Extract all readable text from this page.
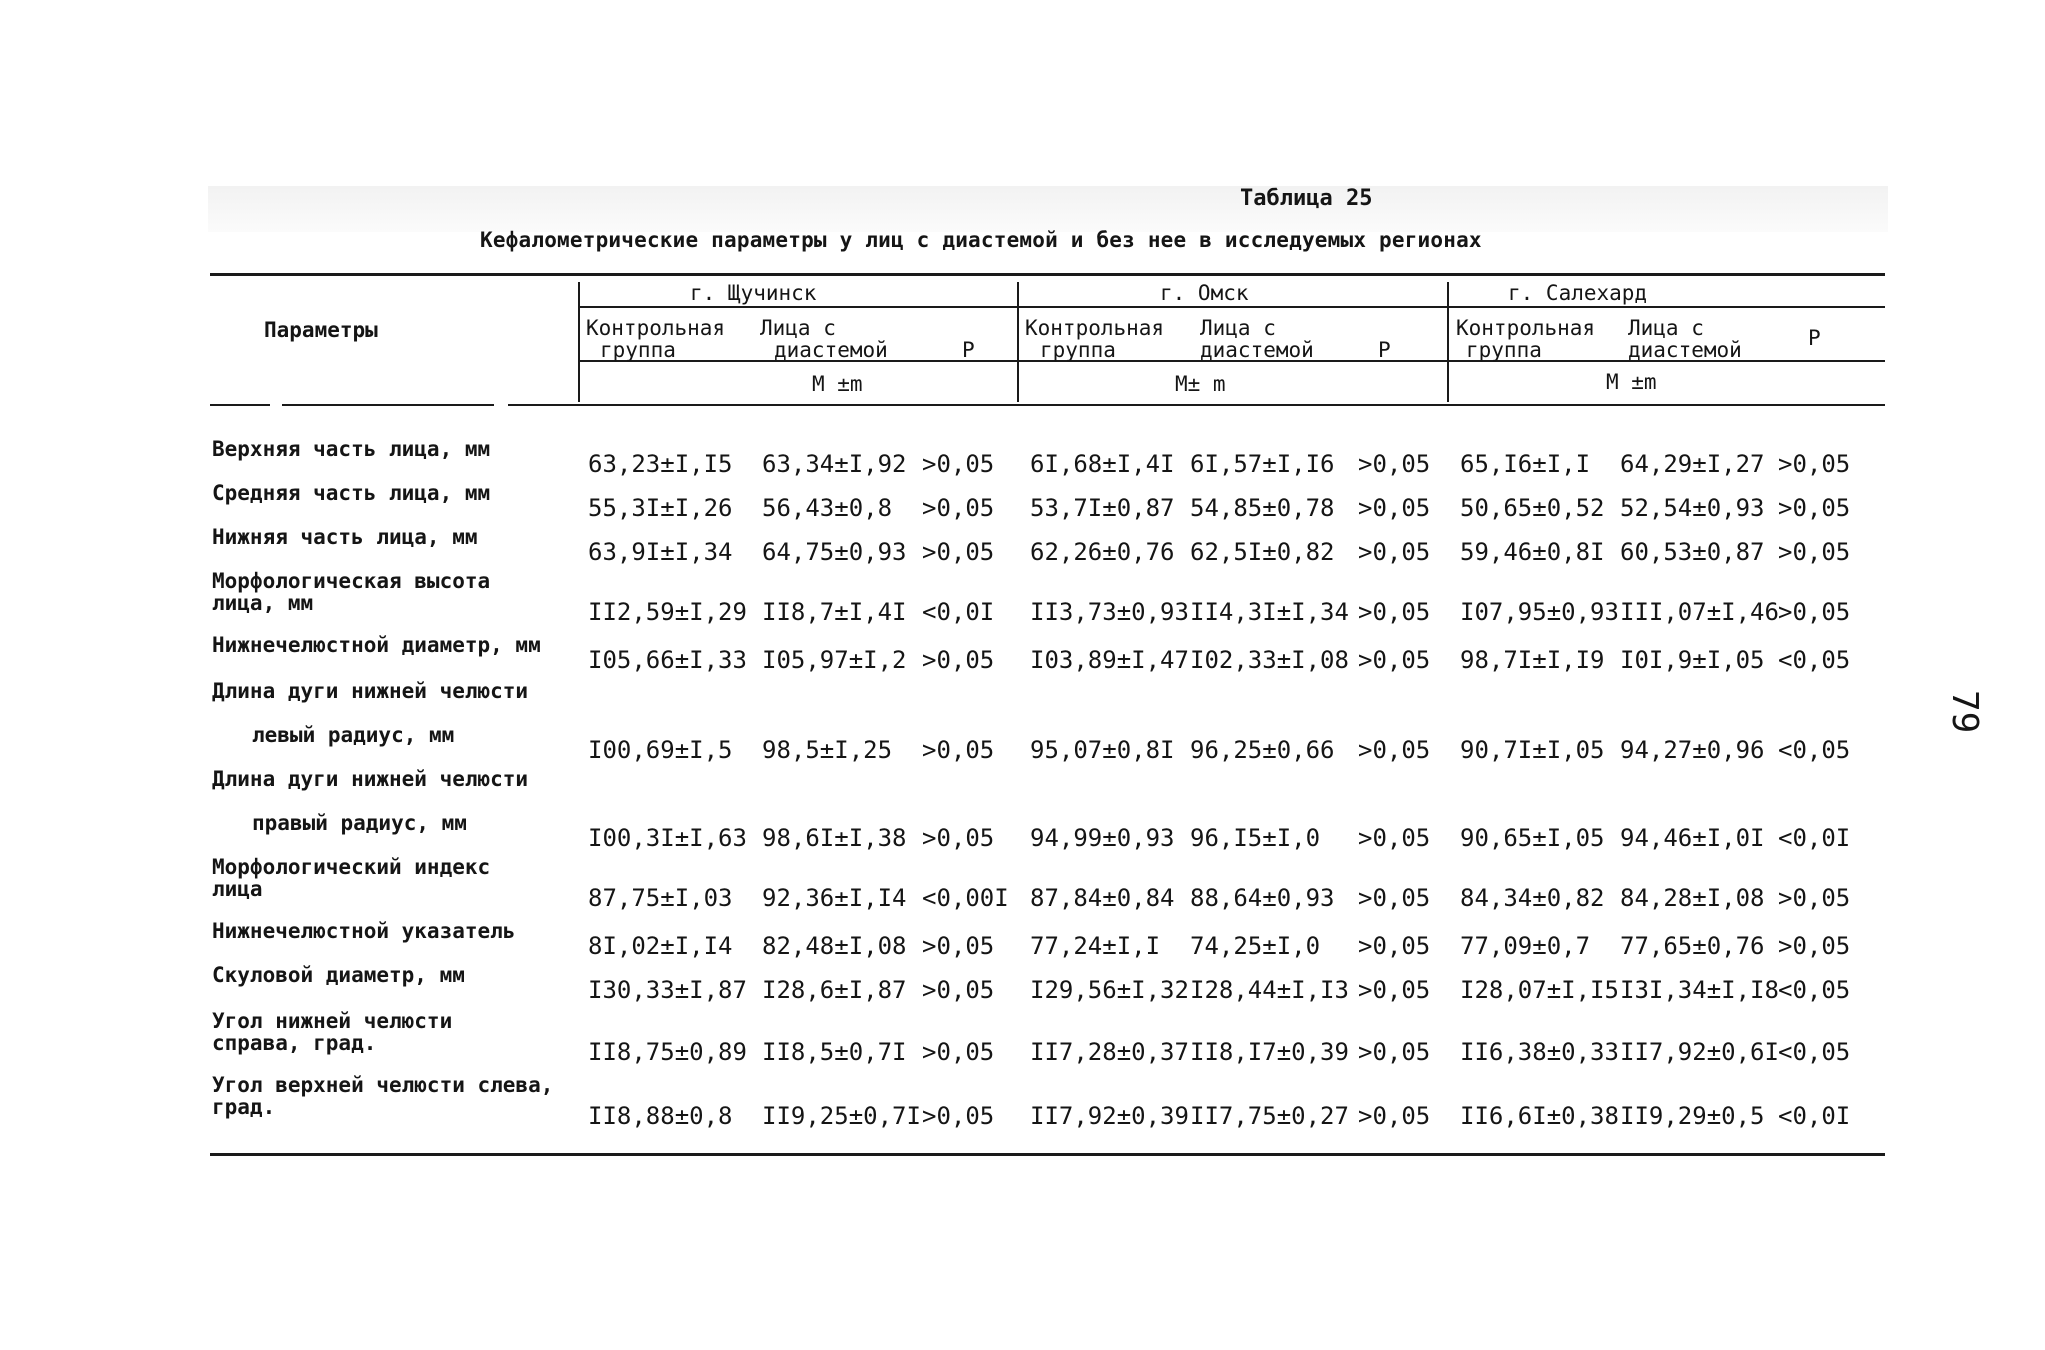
Таблица 25
Кефалометрические параметры у лиц с диастемой и без нее в исследуемых регионах
Параметры
г. Щучинск	г. Омск	г. Салехард
Контрольная
группа
Лица с
диастемой	P
Контрольная
группа
Лица с
диастемой	P
Контрольная
группа
Лица с
диастемой	P
M ±m	M± m	M ±m
Верхняя часть лица, мм
63,23±I,I5 63,34±I,92 >0,05 6I,68±I,4I 6I,57±I,I6 >0,05 65,I6±I,I 64,29±I,27 >0,05
Средняя часть лица, мм
55,3I±I,26 56,43±0,8 >0,05 53,7I±0,87 54,85±0,78 >0,05 50,65±0,52 52,54±0,93 >0,05
Нижняя часть лица, мм
63,9I±I,34 64,75±0,93 >0,05 62,26±0,76 62,5I±0,82 >0,05 59,46±0,8I 60,53±0,87 >0,05
Морфологическая высота
лица, мм	II2,59±I,29 II8,7±I,4I <0,0I II3,73±0,93 II4,3I±I,34 >0,05 I07,95±0,93 III,07±I,46 >0,05
Нижнечелюстной диаметр, мм
I05,66±I,33 I05,97±I,2 >0,05 I03,89±I,47 I02,33±I,08 >0,05 98,7I±I,I9 I0I,9±I,05 <0,05
Длина дуги нижней челюсти
левый радиус, мм
I00,69±I,5 98,5±I,25 >0,05 95,07±0,8I 96,25±0,66 >0,05 90,7I±I,05 94,27±0,96 <0,05
Длина дуги нижней челюсти
правый радиус, мм
I00,3I±I,63 98,6I±I,38 >0,05 94,99±0,93 96,I5±I,0 >0,05 90,65±I,05 94,46±I,0I <0,0I
Морфологический индекс
лица	87,75±I,03 92,36±I,I4 <0,00I 87,84±0,84 88,64±0,93 >0,05 84,34±0,82 84,28±I,08 >0,05
Нижнечелюстной указатель
8I,02±I,I4 82,48±I,08 >0,05 77,24±I,I 74,25±I,0 >0,05 77,09±0,7 77,65±0,76 >0,05
Скуловой диаметр, мм
I30,33±I,87 I28,6±I,87 >0,05 I29,56±I,32 I28,44±I,I3 >0,05 I28,07±I,I5 I3I,34±I,I8 <0,05
Угол нижней челюсти
справа, град.	II8,75±0,89 II8,5±0,7I >0,05 II7,28±0,37 II8,I7±0,39 >0,05 II6,38±0,33 II7,92±0,6I <0,05
Угол верхней челюсти слева,
град.	II8,88±0,8 II9,25±0,7I >0,05 II7,92±0,39 II7,75±0,27 >0,05 II6,6I±0,38 II9,29±0,5 <0,0I
79
